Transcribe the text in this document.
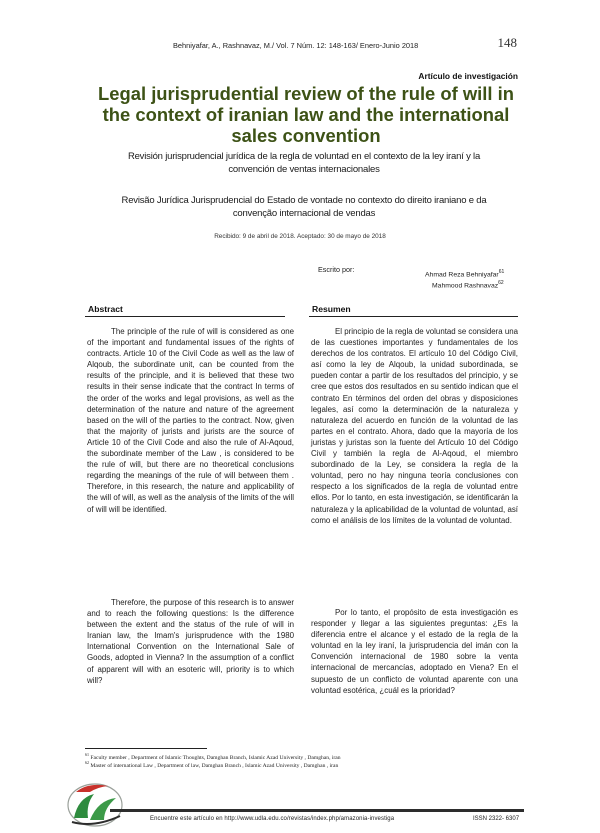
Behniyafar, A., Rashnavaz, M./ Vol. 7 Núm. 12: 148-163/ Enero-Junio 2018	148
Artículo de investigación
Legal jurisprudential review of the rule of will in the context of iranian law and the international sales convention
Revisión jurisprudencial jurídica de la regla de voluntad en el contexto de la ley iraní y la convención de ventas internacionales
Revisão Jurídica Jurisprudencial do Estado de vontade no contexto do direito iraniano e da convenção internacional de vendas
Recibido: 9 de abril de 2018. Aceptado: 30 de mayo de 2018
Escrito por:
Ahmad Reza Behniyafar$^{61}$
Mahmood Rashnavaz$^{62}$
Abstract	Resumen

The principle of the rule of will is considered as one of the important and fundamental issues of the rights of contracts. Article 10 of the Civil Code as well as the law of Alqoub, the subordinate unit, can be counted from the results of the principle, and it is believed that these two results in their sense indicate that the contract In terms of the order of the works and legal provisions, as well as the determination of the nature and nature of the agreement based on the will of the parties to the contract. Now, given that the majority of jurists and jurists are the source of Article 10 of the Civil Code and also the rule of Al-Aqoud, the subordinate member of the Law , is considered to be the rule of will, but there are no theoretical conclusions regarding the meanings of the rule of will between them . Therefore, in this research, the nature and applicability of the will of will, as well as the analysis of the limits of the will of will will be identified.

Therefore, the purpose of this research is to answer and to reach the following questions: Is the difference between the extent and the status of the rule of will in Iranian law, the Imam's jurisprudence with the 1980 International Convention on the International Sale of Goods, adopted in Vienna? In the assumption of a conflict of apparent will with an esoteric will, priority is to which will?

El principio de la regla de voluntad se considera una de las cuestiones importantes y fundamentales de los derechos de los contratos. El artículo 10 del Código Civil, así como la ley de Alqoub, la unidad subordinada, se pueden contar a partir de los resultados del principio, y se cree que estos dos resultados en su sentido indican que el contrato En términos del orden del obras y disposiciones legales, así como la determinación de la naturaleza y naturaleza del acuerdo en función de la voluntad de las partes en el contrato. Ahora, dado que la mayoría de los juristas y juristas son la fuente del Artículo 10 del Código Civil y también la regla de Al-Aqoud, el miembro subordinado de la Ley, se considera la regla de la voluntad, pero no hay ninguna teoría conclusiones con respecto a los significados de la regla de voluntad entre ellos. Por lo tanto, en esta investigación, se identificarán la naturaleza y la aplicabilidad de la voluntad de voluntad, así como el análisis de los límites de la voluntad de voluntad.

Por lo tanto, el propósito de esta investigación es responder y llegar a las siguientes preguntas: ¿Es la diferencia entre el alcance y el estado de la regla de la voluntad en la ley iraní, la jurisprudencia del imán con la Convención internacional de 1980 sobre la venta internacional de mercancías, adoptado en Viena? En el supuesto de un conflicto de voluntad aparente con una voluntad esotérica, ¿cuál es la prioridad?

$^{61}$ Faculty member , Department of Islamic Thoughts, Damghan Branch, Islamic Azad University , Damghan, iran
$^{62}$ Master of international Law , Department of law, Damghan Branch , Islamic Azad University , Damghan , iran
Encuentre este artículo en http://www.udla.edu.co/revistas/index.php/amazonia-investiga	ISSN 2322- 6307
